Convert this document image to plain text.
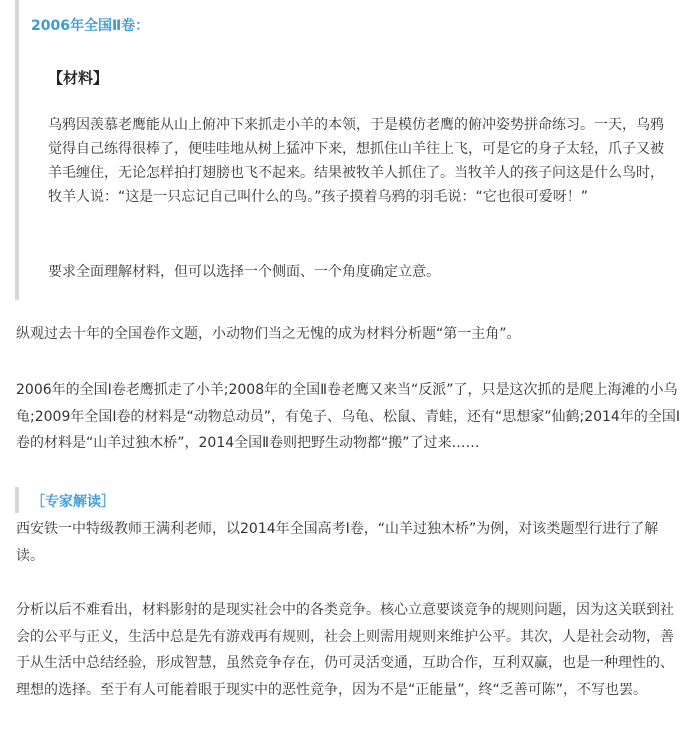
2006年全国Ⅱ卷：
【材料】
乌鸦因羡慕老鹰能从山上俯冲下来抓走小羊的本领，于是模仿老鹰的俯冲姿势拼命练习。一天，乌鸦觉得自己练得很棒了，便哇哇地从树上猛冲下来，想抓住山羊往上飞，可是它的身子太轻，爪子又被羊毛缠住，无论怎样拍打翅膀也飞不起来。结果被牧羊人抓住了。当牧羊人的孩子问这是什么鸟时，牧羊人说：“这是一只忘记自己叫什么的鸟。”孩子摸着乌鸦的羽毛说：“它也很可爱呀！”
要求全面理解材料，但可以选择一个侧面、一个角度确定立意。
纵观过去十年的全国卷作文题，小动物们当之无愧的成为材料分析题“第一主角”。
2006年的全国Ⅰ卷老鹰抓走了小羊;2008年的全国Ⅱ卷老鹰又来当“反派”了，只是这次抓的是爬上海滩的小乌龟;2009年全国Ⅰ卷的材料是“动物总动员”，有兔子、乌龟、松鼠、青蛙，还有“思想家”仙鹤;2014年的全国Ⅰ卷的材料是“山羊过独木桥”，2014全国Ⅱ卷则把野生动物都“搬”了过来……
［专家解读］
西安铁一中特级教师王满利老师，以2014年全国高考Ⅰ卷，“山羊过独木桥”为例，对该类题型行进行了解读。
分析以后不难看出，材料影射的是现实社会中的各类竞争。核心立意要谈竞争的规则问题，因为这关联到社会的公平与正义，生活中总是先有游戏再有规则，社会上则需用规则来维护公平。其次，人是社会动物，善于从生活中总结经验，形成智慧，虽然竞争存在，仍可灵活变通，互助合作，互利双赢，也是一种理性的、理想的选择。至于有人可能着眼于现实中的恶性竞争，因为不是“正能量”，终“乏善可陈”，不写也罢。
